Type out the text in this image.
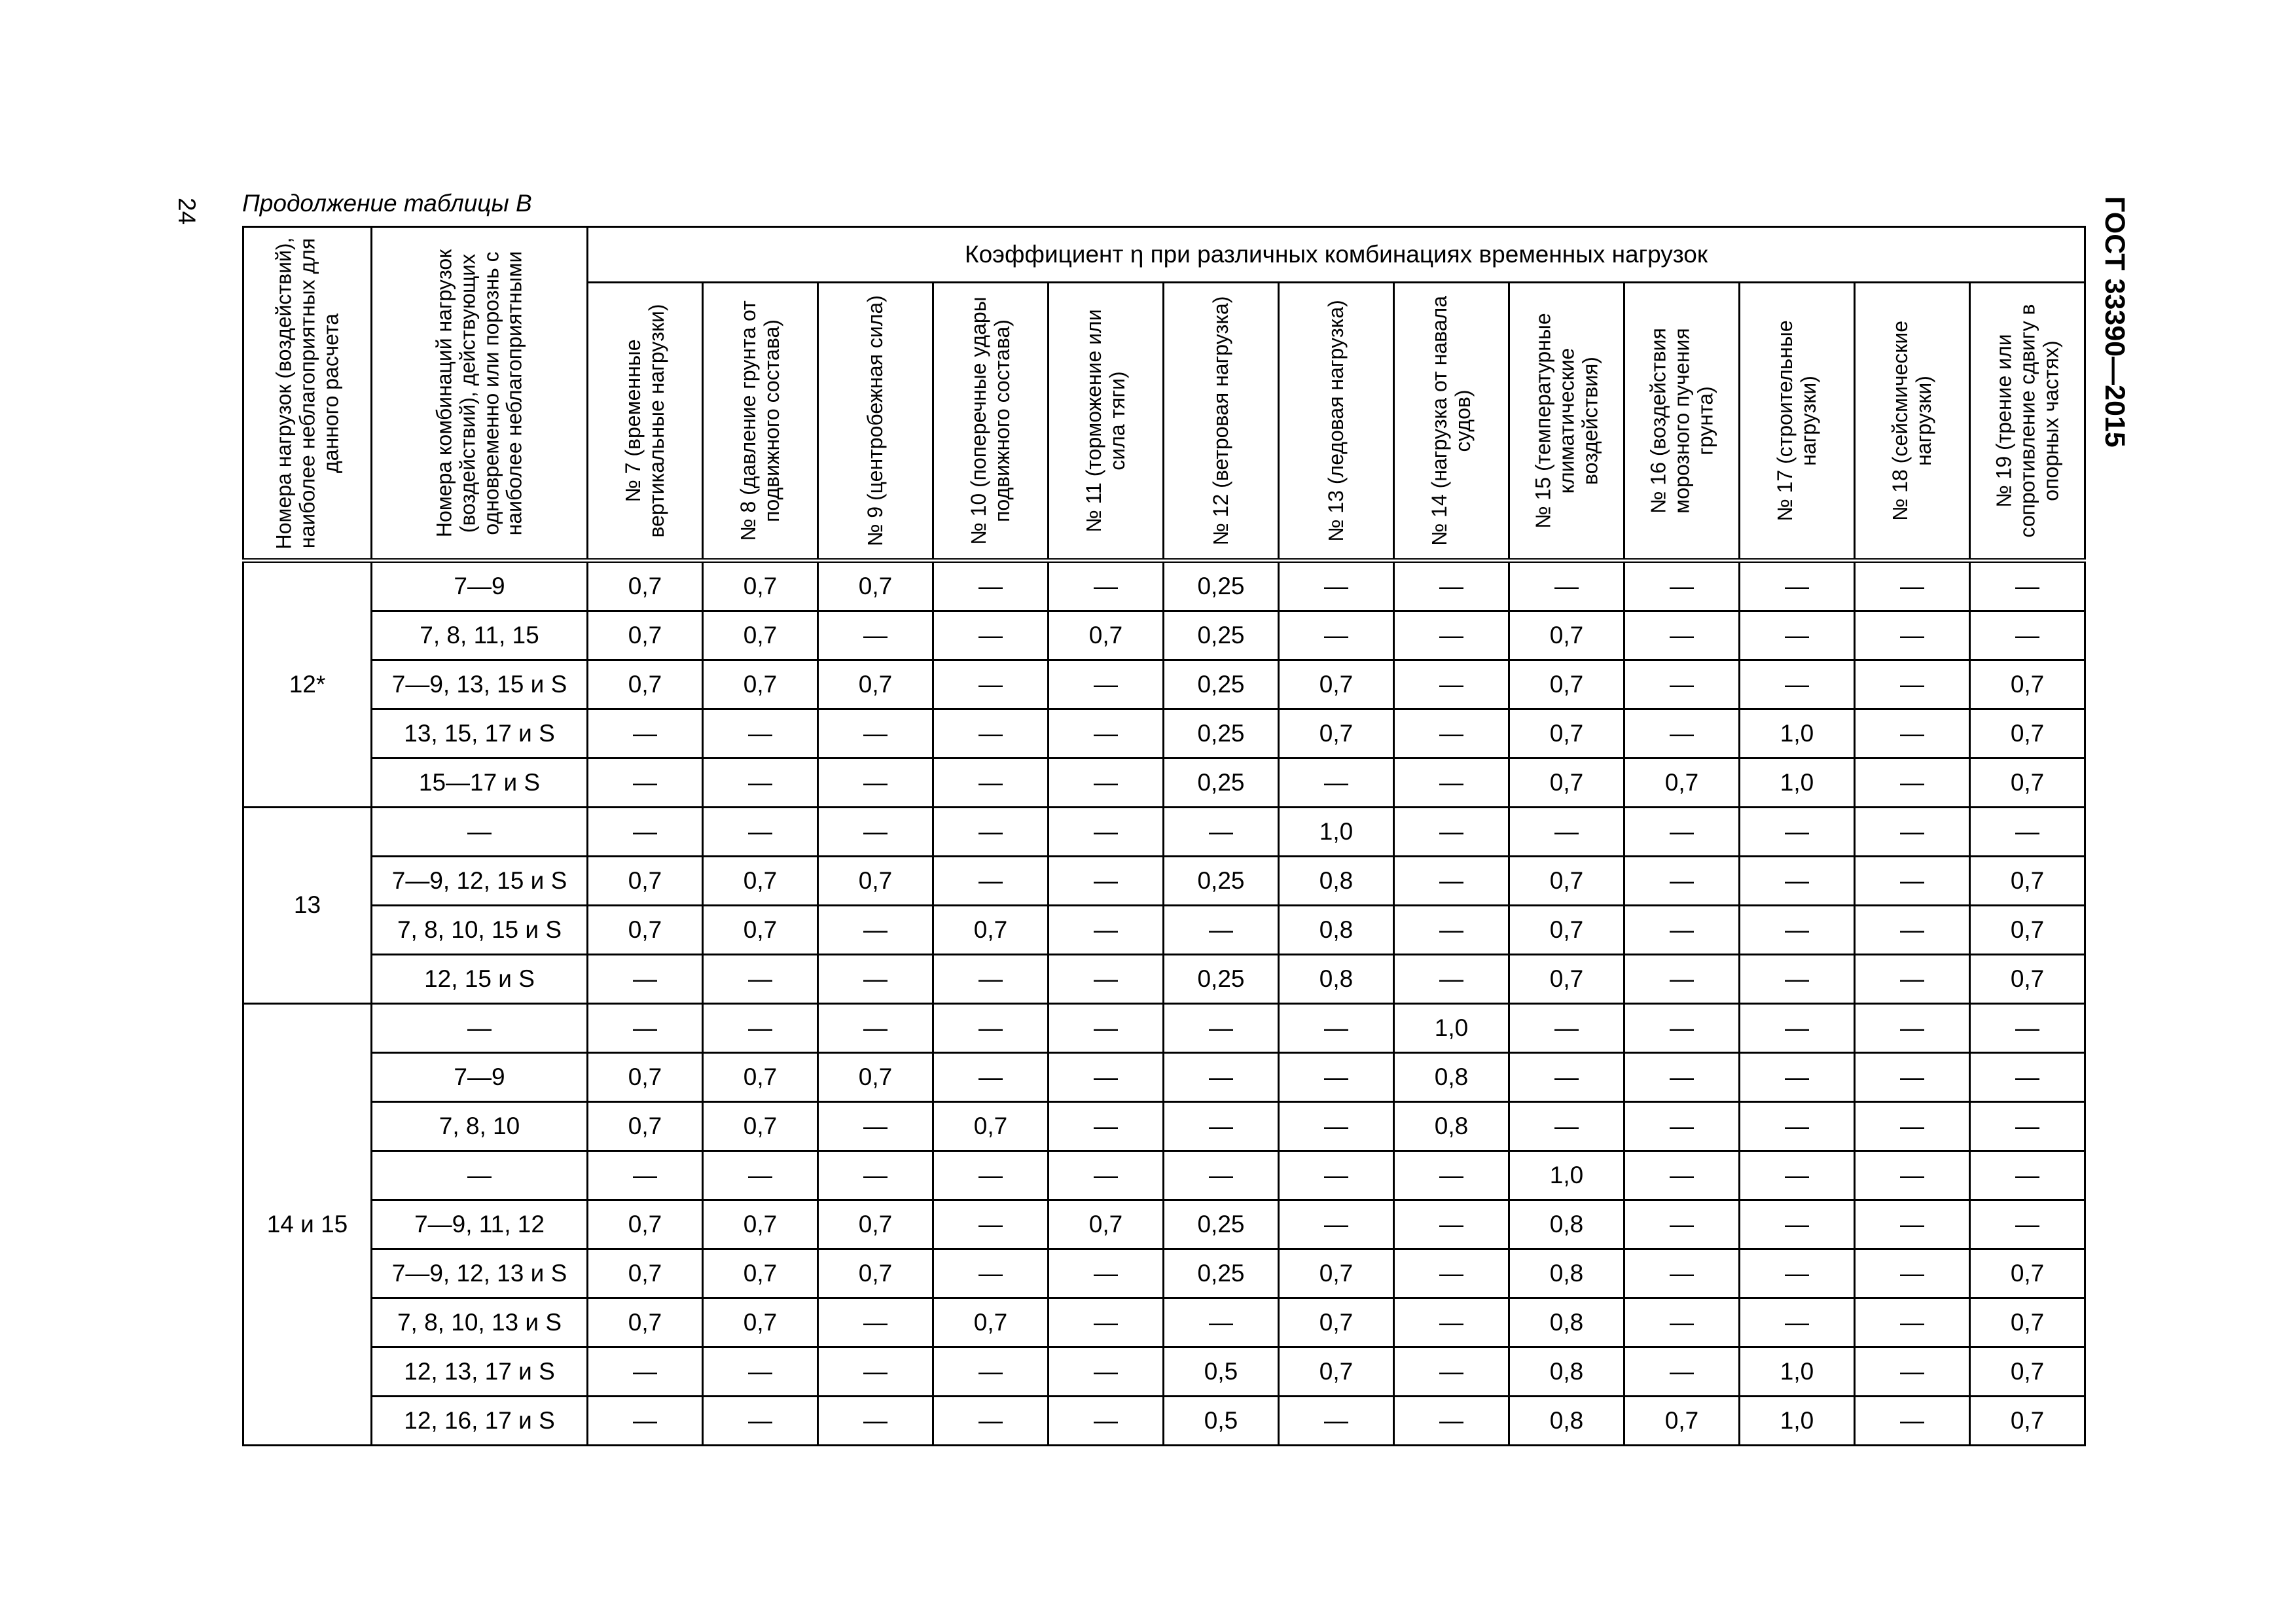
24 Продолжение таблицы В	ГОСТ 33390—2015
Номера нагрузок (воздействий), наиболее неблагоприятных для данного расчета	Номера комбинаций нагрузок (воздействий), действующих одновременно или порознь с наиболее неблагоприятными	Коэффициент η при различных комбинациях временных нагрузок												

		№ 7 (временные вертикальные нагрузки)	№ 8 (давление грунта от подвижного состава)	№ 9 (центробежная сила)	№ 10 (поперечные удары подвижного состава)	№ 11 (торможение или сила тяги)	№ 12 (ветровая нагрузка)	№ 13 (ледовая нагрузка)	№ 14 (нагрузка от навала судов)	№ 15 (температурные климатические воздействия)	№ 16 (воздействия морозного пучения грунта)	№ 17 (строительные нагрузки)	№ 18 (сейсмические нагрузки)	№ 19 (трение или сопротивление сдвигу в опорных частях)

12*	7—9	0,7	0,7	0,7	—	—	0,25	—	—	—	—	—	—	—
	7, 8, 11, 15	0,7	0,7	—	—	0,7	0,25	—	—	0,7	—	—	—	—
	7—9, 13, 15 и S	0,7	0,7	0,7	—	—	0,25	0,7	—	0,7	—	—	—	0,7
	13, 15, 17 и S	—	—	—	—	—	0,25	0,7	—	0,7	—	1,0	—	0,7
	15—17 и S	—	—	—	—	—	0,25	—	—	0,7	0,7	1,0	—	0,7
13	—	—	—	—	—	—	—	1,0	—	—	—	—	—	—
	7—9, 12, 15 и S	0,7	0,7	0,7	—	—	0,25	0,8	—	0,7	—	—	—	0,7
	7, 8, 10, 15 и S	0,7	0,7	—	0,7	—	—	0,8	—	0,7	—	—	—	0,7
	12, 15 и S	—	—	—	—	—	0,25	0,8	—	0,7	—	—	—	0,7
14 и 15	—	—	—	—	—	—	—	—	1,0	—	—	—	—	—
	7—9	0,7	0,7	0,7	—	—	—	—	0,8	—	—	—	—	—
	7, 8, 10	0,7	0,7	—	0,7	—	—	—	0,8	—	—	—	—	—
	—	—	—	—	—	—	—	—	—	1,0	—	—	—	—
	7—9, 11, 12	0,7	0,7	0,7	—	0,7	0,25	—	—	0,8	—	—	—	—
	7—9, 12, 13 и S	0,7	0,7	0,7	—	—	0,25	0,7	—	0,8	—	—	—	0,7
	7, 8, 10, 13 и S	0,7	0,7	—	0,7	—	—	0,7	—	0,8	—	—	—	0,7
	12, 13, 17 и S	—	—	—	—	—	0,5	0,7	—	0,8	—	1,0	—	0,7
	12, 16, 17 и S	—	—	—	—	—	0,5	—	—	0,8	0,7	1,0	—	0,7
